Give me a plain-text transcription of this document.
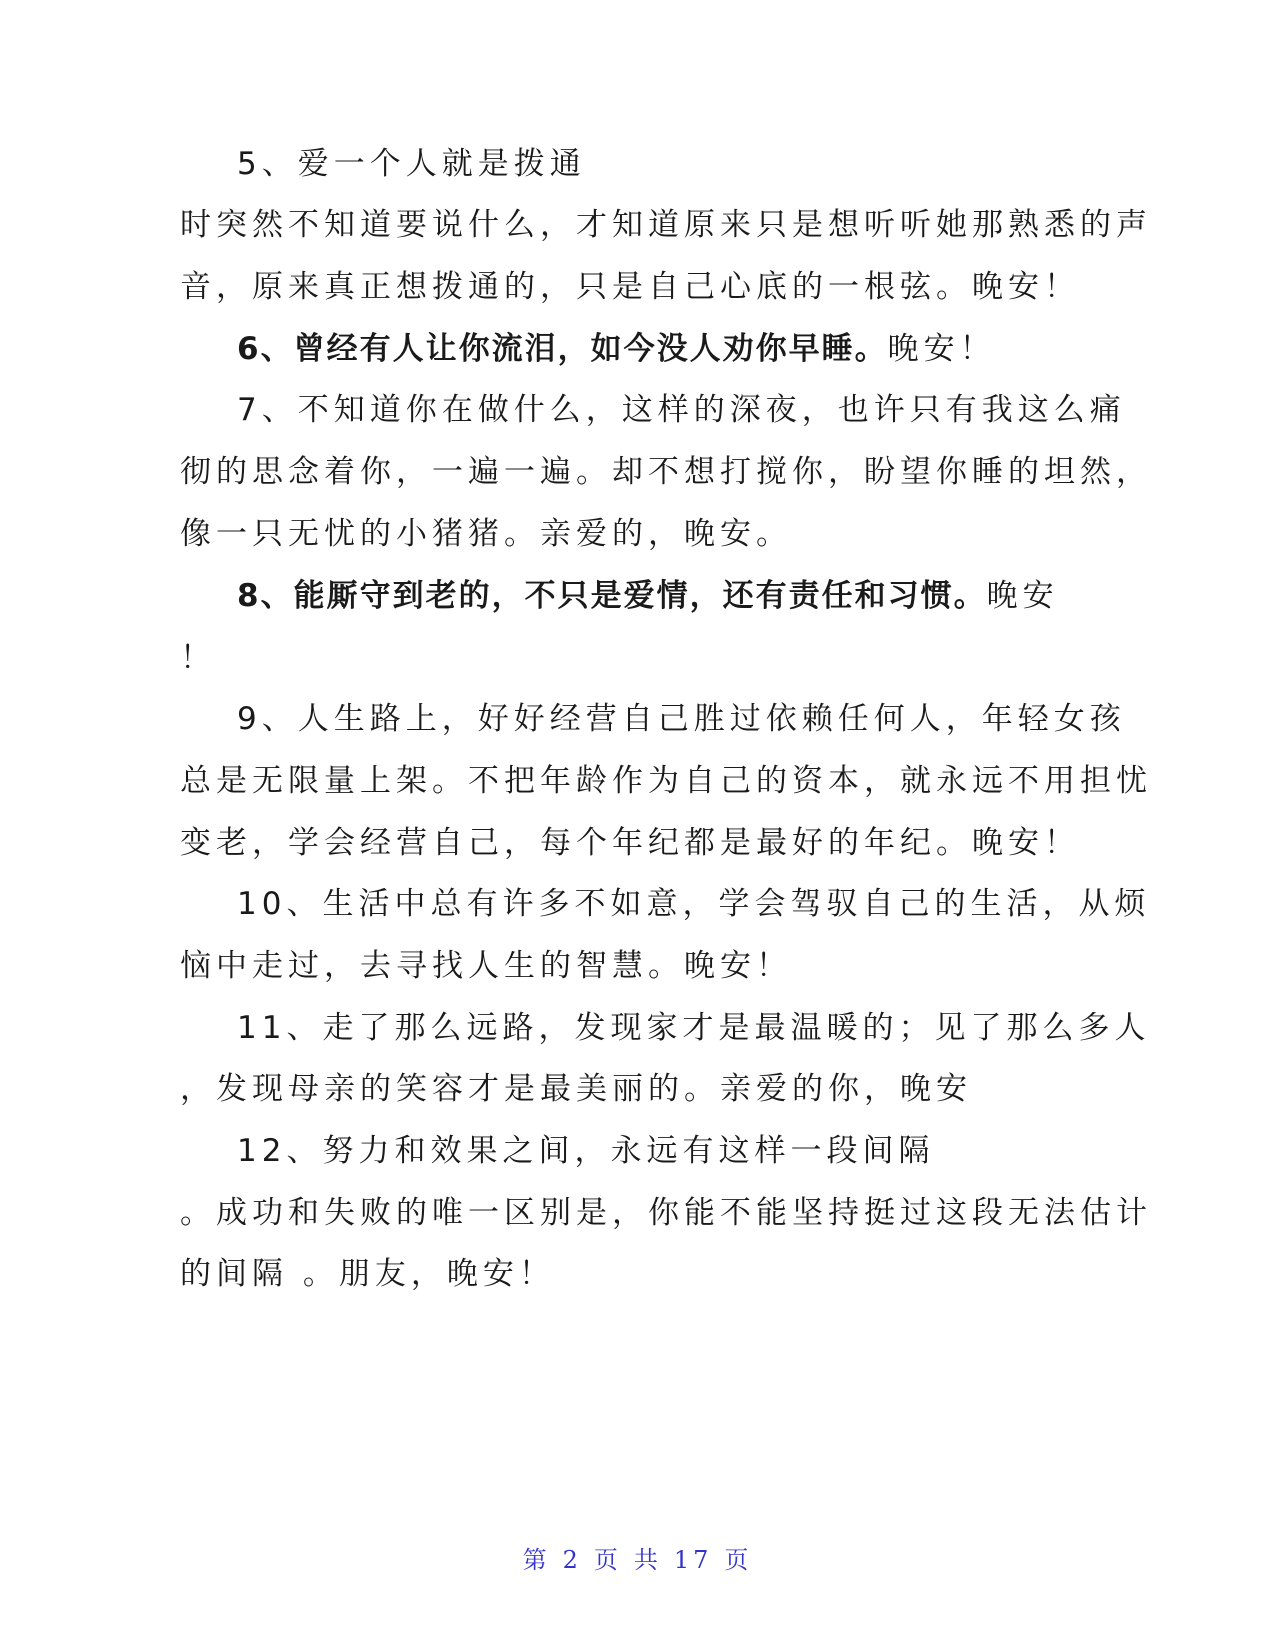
5、爱一个人就是拨通
时突然不知道要说什么，才知道原来只是想听听她那熟悉的声
音，原来真正想拨通的，只是自己心底的一根弦。晚安！
6、曾经有人让你流泪，如今没人劝你早睡。晚安！
7、不知道你在做什么，这样的深夜，也许只有我这么痛
彻的思念着你，一遍一遍。却不想打搅你，盼望你睡的坦然，
像一只无忧的小猪猪。亲爱的，晚安。
8、能厮守到老的，不只是爱情，还有责任和习惯。晚安
！
9、人生路上，好好经营自己胜过依赖任何人，年轻女孩
总是无限量上架。不把年龄作为自己的资本，就永远不用担忧
变老，学会经营自己，每个年纪都是最好的年纪。晚安！
10、生活中总有许多不如意，学会驾驭自己的生活，从烦
恼中走过，去寻找人生的智慧。晚安！
11、走了那么远路，发现家才是最温暖的；见了那么多人
，发现母亲的笑容才是最美丽的。亲爱的你，晚安
12、努力和效果之间，永远有这样一段间隔
。成功和失败的唯一区别是，你能不能坚持挺过这段无法估计
的间隔 。朋友，晚安！
第 2 页 共 17 页
